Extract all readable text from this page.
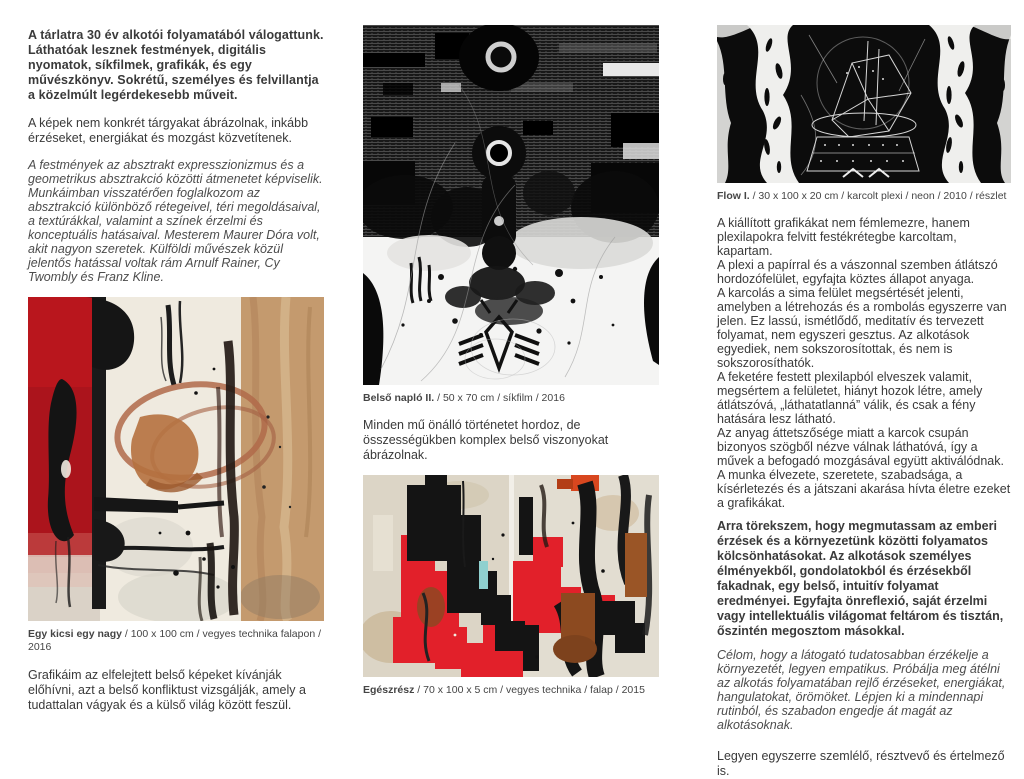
A tárlatra 30 év alkotói folyamatából válogattunk. Láthatóak lesznek festmények, digitális nyomatok, síkfilmek, grafikák, és egy művészkönyv. Sokrétű, személyes és felvillantja a közelmúlt legérdekesebb műveit.

A képek nem konkrét tárgyakat ábrázolnak, inkább érzéseket, energiákat és mozgást közvetítenek.

A festmények az absztrakt expresszionizmus és a geometrikus absztrakció közötti átmenetet képviselik. Munkáimban visszatérően foglalkozom az absztrakció különböző rétegeivel, téri megoldásaival, a textúrákkal, valamint a színek érzelmi és konceptuális hatásaival. Mesterem Maurer Dóra volt, akit nagyon szeretek. Külföldi művészek közül jelentős hatással voltak rám Arnulf Rainer, Cy Twombly és Franz Kline.

Egy kicsi egy nagy / 100 x 100 cm / vegyes technika falapon / 2016

Grafikáim az elfelejtett belső képeket kívánják előhívni, azt a belső konfliktust vizsgálják, amely a tudattalan vágyak és a külső világ között feszül.

Belső napló II. / 50 x 70 cm / síkfilm / 2016

Minden mű önálló történetet hordoz, de összességükben komplex belső viszonyokat ábrázolnak.

Egészrész / 70 x 100 x 5 cm / vegyes technika / falap / 2015
Flow I. / 30 x 100 x 20 cm / karcolt plexi / neon / 2010 / részlet
A kiállított grafikákat nem fémlemezre, hanem plexilapokra felvitt festékrétegbe karcoltam, kapartam.
A plexi a papírral és a vászonnal szemben átlátszó hordozófelület, egyfajta köztes állapot anyaga.
A karcolás a sima felület megsértését jelenti, amelyben a létrehozás és a rombolás egyszerre van jelen. Ez lassú, ismétlődő, meditatív és tervezett folyamat, nem egyszeri gesztus. Az alkotások egyediek, nem sokszorosítottak, és nem is sokszorosíthatók.
A feketére festett plexilapból elveszek valamit, megsértem a felületet, hiányt hozok létre, amely átlátszóvá, „láthatatlanná” válik, és csak a fény hatására lesz látható.
Az anyag áttetszősége miatt a karcok csupán bizonyos szögből nézve válnak láthatóvá, így a művek a befogadó mozgásával együtt aktiválódnak.
A munka élvezete, szeretete, szabadsága, a kísérletezés és a játszani akarása hívta életre ezeket a grafikákat.

Arra törekszem, hogy megmutassam az emberi érzések és a környezetünk közötti folyamatos kölcsönhatásokat. Az alkotások személyes élményekből, gondolatokból és érzésekből fakadnak, egy belső, intuitív folyamat eredményei. Egyfajta önreflexió, saját érzelmi vagy intellektuális világomat feltárom és tisztán, őszintén megosztom másokkal.

Célom, hogy a látogató tudatosabban érzékelje a környezetét, legyen empatikus. Próbálja meg átélni az alkotás folyamatában rejlő érzéseket, energiákat, hangulatokat, örömöket. Lépjen ki a mindennapi rutinból, és szabadon engedje át magát az alkotásoknak.

Legyen egyszerre szemlélő, résztvevő és értelmező is.
